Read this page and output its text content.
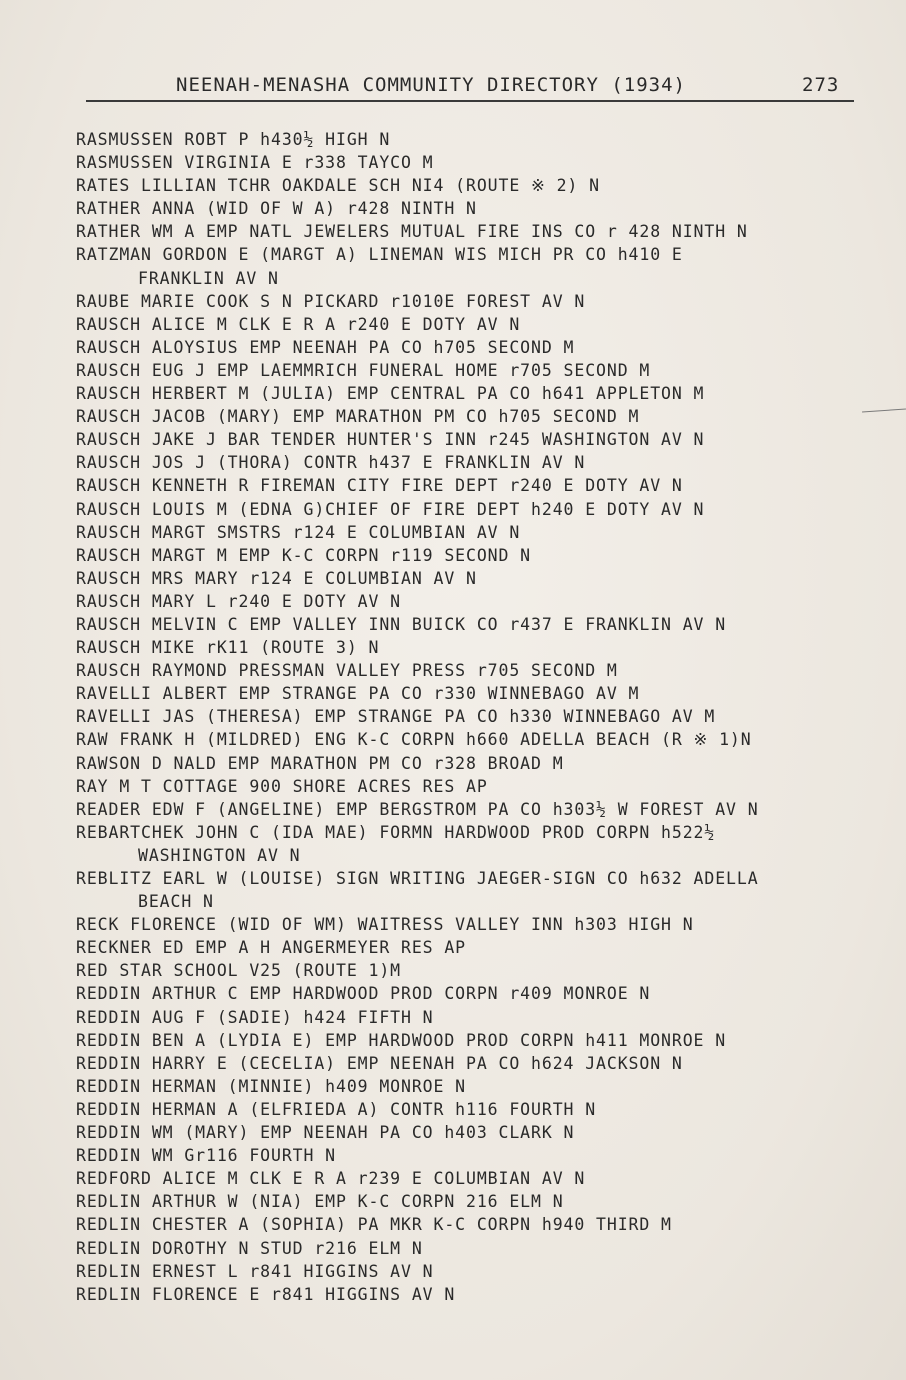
NEENAH-MENASHA COMMUNITY DIRECTORY (1934)	273
RASMUSSEN ROBT P h430½ HIGH N
RASMUSSEN VIRGINIA E r338 TAYCO M
RATES LILLIAN TCHR OAKDALE SCH NI4 (ROUTE ※ 2) N
RATHER ANNA (WID OF W A) r428 NINTH N
RATHER WM A EMP NATL JEWELERS MUTUAL FIRE INS CO r 428 NINTH N
RATZMAN GORDON E (MARGT A) LINEMAN WIS MICH PR CO h410 E
FRANKLIN AV N
RAUBE MARIE COOK S N PICKARD r1010E FOREST AV N
RAUSCH ALICE M CLK E R A r240 E DOTY AV N
RAUSCH ALOYSIUS EMP NEENAH PA CO h705 SECOND M
RAUSCH EUG J EMP LAEMMRICH FUNERAL HOME r705 SECOND M
RAUSCH HERBERT M (JULIA) EMP CENTRAL PA CO h641 APPLETON M
RAUSCH JACOB (MARY) EMP MARATHON PM CO h705 SECOND M
RAUSCH JAKE J BAR TENDER HUNTER'S INN r245 WASHINGTON AV N
RAUSCH JOS J (THORA) CONTR h437 E FRANKLIN AV N
RAUSCH KENNETH R FIREMAN CITY FIRE DEPT r240 E DOTY AV N
RAUSCH LOUIS M (EDNA G)CHIEF OF FIRE DEPT h240 E DOTY AV N
RAUSCH MARGT SMSTRS r124 E COLUMBIAN AV N
RAUSCH MARGT M EMP K-C CORPN r119 SECOND N
RAUSCH MRS MARY r124 E COLUMBIAN AV N
RAUSCH MARY L r240 E DOTY AV N
RAUSCH MELVIN C EMP VALLEY INN BUICK CO r437 E FRANKLIN AV N
RAUSCH MIKE rK11 (ROUTE 3) N
RAUSCH RAYMOND PRESSMAN VALLEY PRESS r705 SECOND M
RAVELLI ALBERT EMP STRANGE PA CO r330 WINNEBAGO AV M
RAVELLI JAS (THERESA) EMP STRANGE PA CO h330 WINNEBAGO AV M
RAW FRANK H (MILDRED) ENG K-C CORPN h660 ADELLA BEACH (R ※ 1)N
RAWSON D NALD EMP MARATHON PM CO r328 BROAD M
RAY M T COTTAGE 900 SHORE ACRES RES AP
READER EDW F (ANGELINE) EMP BERGSTROM PA CO h303½ W FOREST AV N
REBARTCHEK JOHN C (IDA MAE) FORMN HARDWOOD PROD CORPN h522½
WASHINGTON AV N
REBLITZ EARL W (LOUISE) SIGN WRITING JAEGER-SIGN CO h632 ADELLA
BEACH N
RECK FLORENCE (WID OF WM) WAITRESS VALLEY INN h303 HIGH N
RECKNER ED EMP A H ANGERMEYER RES AP
RED STAR SCHOOL V25 (ROUTE 1)M
REDDIN ARTHUR C EMP HARDWOOD PROD CORPN r409 MONROE N
REDDIN AUG F (SADIE) h424 FIFTH N
REDDIN BEN A (LYDIA E) EMP HARDWOOD PROD CORPN h411 MONROE N
REDDIN HARRY E (CECELIA) EMP NEENAH PA CO h624 JACKSON N
REDDIN HERMAN (MINNIE) h409 MONROE N
REDDIN HERMAN A (ELFRIEDA A) CONTR h116 FOURTH N
REDDIN WM (MARY) EMP NEENAH PA CO h403 CLARK N
REDDIN WM Gr116 FOURTH N
REDFORD ALICE M CLK E R A r239 E COLUMBIAN AV N
REDLIN ARTHUR W (NIA) EMP K-C CORPN 216 ELM N
REDLIN CHESTER A (SOPHIA) PA MKR K-C CORPN h940 THIRD M
REDLIN DOROTHY N STUD r216 ELM N
REDLIN ERNEST L r841 HIGGINS AV N
REDLIN FLORENCE E r841 HIGGINS AV N
